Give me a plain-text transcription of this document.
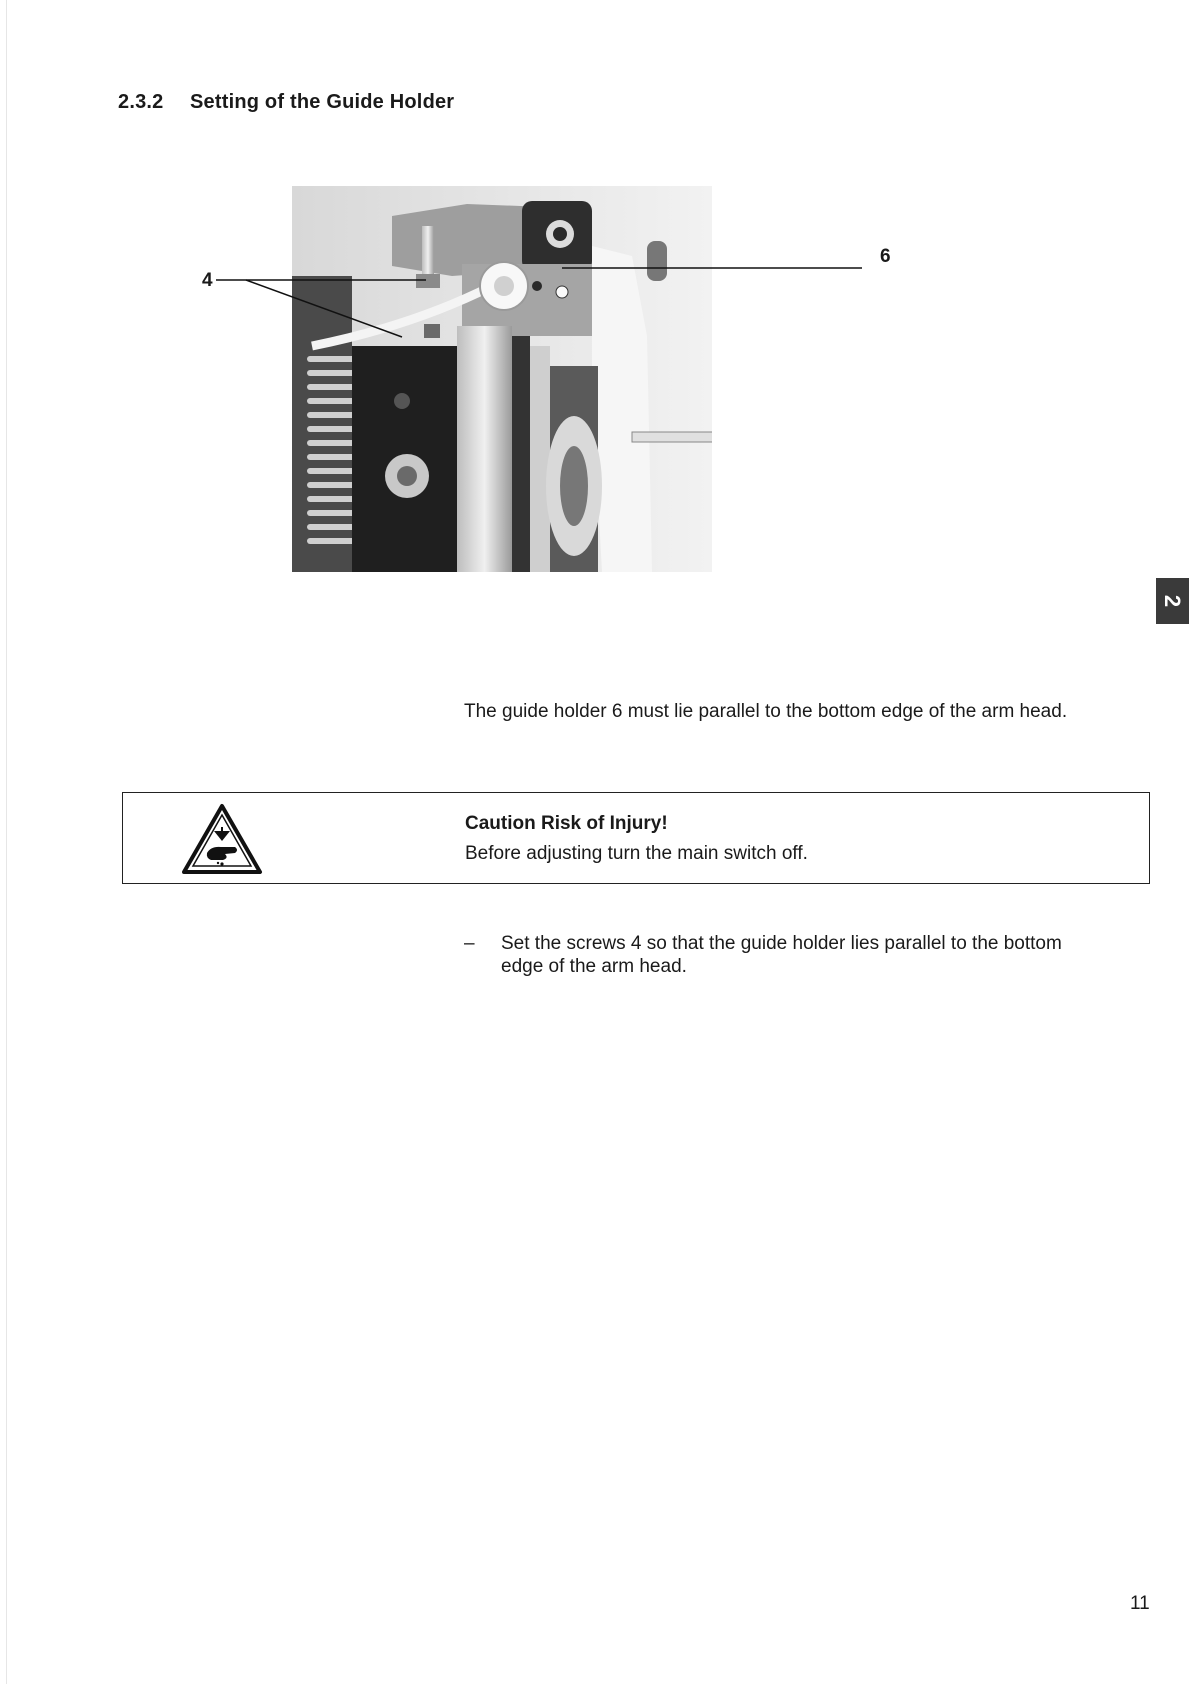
2.3.2 Setting of the Guide Holder
4
6
2
The guide holder 6 must lie parallel to the bottom edge of the arm head.
Caution Risk of Injury!
Before adjusting turn the main switch off.
– Set the screws 4 so that the guide holder lies parallel to the bottom edge of the arm head.
11
